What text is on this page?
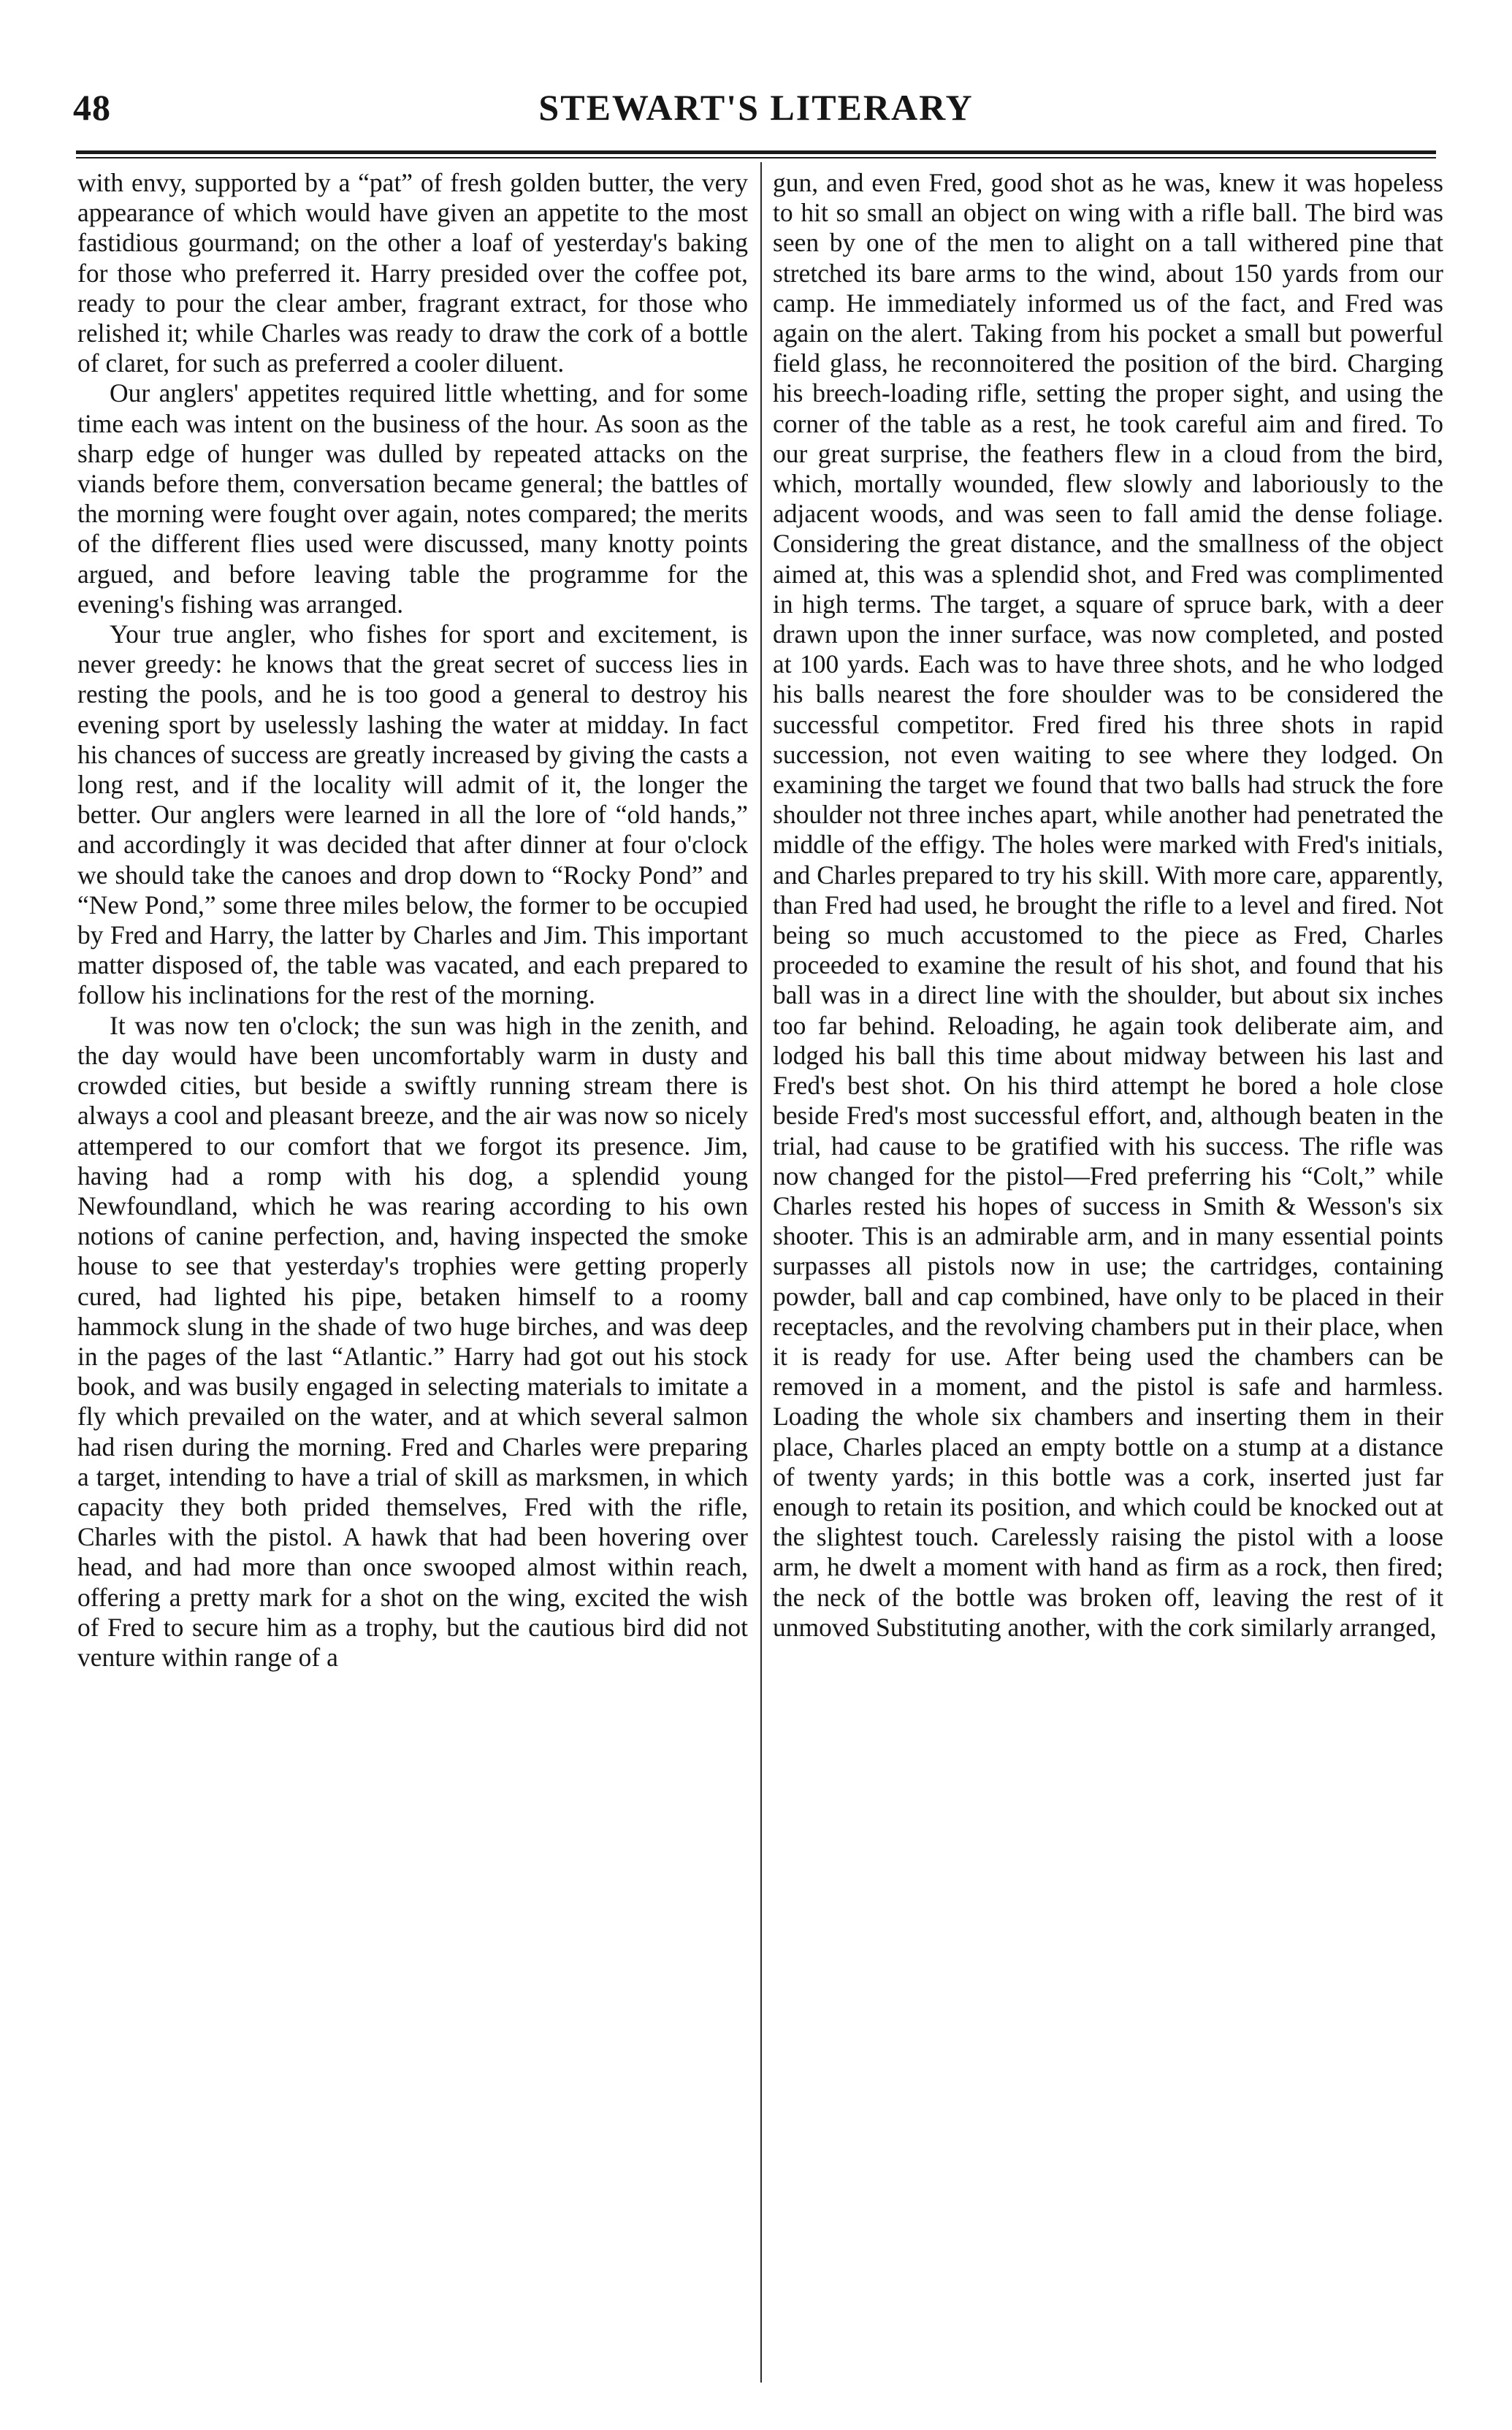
STEWART'S LITERARY
48

with envy, supported by a “pat” of fresh golden butter, the very appearance of which would have given an appetite to the most fastidious gourmand; on the other a loaf of yesterday's baking for those who preferred it. Harry presided over the coffee pot, ready to pour the clear amber, fragrant extract, for those who relished it; while Charles was ready to draw the cork of a bottle of claret, for such as preferred a cooler diluent.

Our anglers' appetites required little whetting, and for some time each was intent on the business of the hour. As soon as the sharp edge of hunger was dulled by repeated attacks on the viands before them, conversation became general; the battles of the morning were fought over again, notes compared; the merits of the different flies used were discussed, many knotty points argued, and before leaving table the programme for the evening's fishing was arranged.

Your true angler, who fishes for sport and excitement, is never greedy: he knows that the great secret of success lies in resting the pools, and he is too good a general to destroy his evening sport by uselessly lashing the water at midday. In fact his chances of success are greatly increased by giving the casts a long rest, and if the locality will admit of it, the longer the better. Our anglers were learned in all the lore of “old hands,” and accordingly it was decided that after dinner at four o'clock we should take the canoes and drop down to “Rocky Pond” and “New Pond,” some three miles below, the former to be occupied by Fred and Harry, the latter by Charles and Jim. This important matter disposed of, the table was vacated, and each prepared to follow his inclinations for the rest of the morning.

It was now ten o'clock; the sun was high in the zenith, and the day would have been uncomfortably warm in dusty and crowded cities, but beside a swiftly running stream there is always a cool and pleasant breeze, and the air was now so nicely attempered to our comfort that we forgot its presence. Jim, having had a romp with his dog, a splendid young Newfoundland, which he was rearing according to his own notions of canine perfection, and, having inspected the smoke house to see that yesterday's trophies were getting properly cured, had lighted his pipe, betaken himself to a roomy hammock slung in the shade of two huge birches, and was deep in the pages of the last “Atlantic.” Harry had got out his stock book, and was busily engaged in selecting materials to imitate a fly which prevailed on the water, and at which several salmon had risen during the morning. Fred and Charles were preparing a target, intending to have a trial of skill as marksmen, in which capacity they both prided themselves, Fred with the rifle, Charles with the pistol. A hawk that had been hovering over head, and had more than once swooped almost within reach, offering a pretty mark for a shot on the wing, excited the wish of Fred to secure him as a trophy, but the cautious bird did not venture within range of a

gun, and even Fred, good shot as he was, knew it was hopeless to hit so small an object on wing with a rifle ball. The bird was seen by one of the men to alight on a tall withered pine that stretched its bare arms to the wind, about 150 yards from our camp. He immediately informed us of the fact, and Fred was again on the alert. Taking from his pocket a small but powerful field glass, he reconnoitered the position of the bird. Charging his breech-loading rifle, setting the proper sight, and using the corner of the table as a rest, he took careful aim and fired. To our great surprise, the feathers flew in a cloud from the bird, which, mortally wounded, flew slowly and laboriously to the adjacent woods, and was seen to fall amid the dense foliage. Considering the great distance, and the smallness of the object aimed at, this was a splendid shot, and Fred was complimented in high terms. The target, a square of spruce bark, with a deer drawn upon the inner surface, was now completed, and posted at 100 yards. Each was to have three shots, and he who lodged his balls nearest the fore shoulder was to be considered the successful competitor. Fred fired his three shots in rapid succession, not even waiting to see where they lodged. On examining the target we found that two balls had struck the fore shoulder not three inches apart, while another had penetrated the middle of the effigy. The holes were marked with Fred's initials, and Charles prepared to try his skill. With more care, apparently, than Fred had used, he brought the rifle to a level and fired. Not being so much accustomed to the piece as Fred, Charles proceeded to examine the result of his shot, and found that his ball was in a direct line with the shoulder, but about six inches too far behind. Reloading, he again took deliberate aim, and lodged his ball this time about midway between his last and Fred's best shot. On his third attempt he bored a hole close beside Fred's most successful effort, and, although beaten in the trial, had cause to be gratified with his success. The rifle was now changed for the pistol—Fred preferring his “Colt,” while Charles rested his hopes of success in Smith & Wesson's six shooter. This is an admirable arm, and in many essential points surpasses all pistols now in use; the cartridges, containing powder, ball and cap combined, have only to be placed in their receptacles, and the revolving chambers put in their place, when it is ready for use. After being used the chambers can be removed in a moment, and the pistol is safe and harmless. Loading the whole six chambers and inserting them in their place, Charles placed an empty bottle on a stump at a distance of twenty yards; in this bottle was a cork, inserted just far enough to retain its position, and which could be knocked out at the slightest touch. Carelessly raising the pistol with a loose arm, he dwelt a moment with hand as firm as a rock, then fired; the neck of the bottle was broken off, leaving the rest of it unmoved Substituting another, with the cork similarly arranged,
